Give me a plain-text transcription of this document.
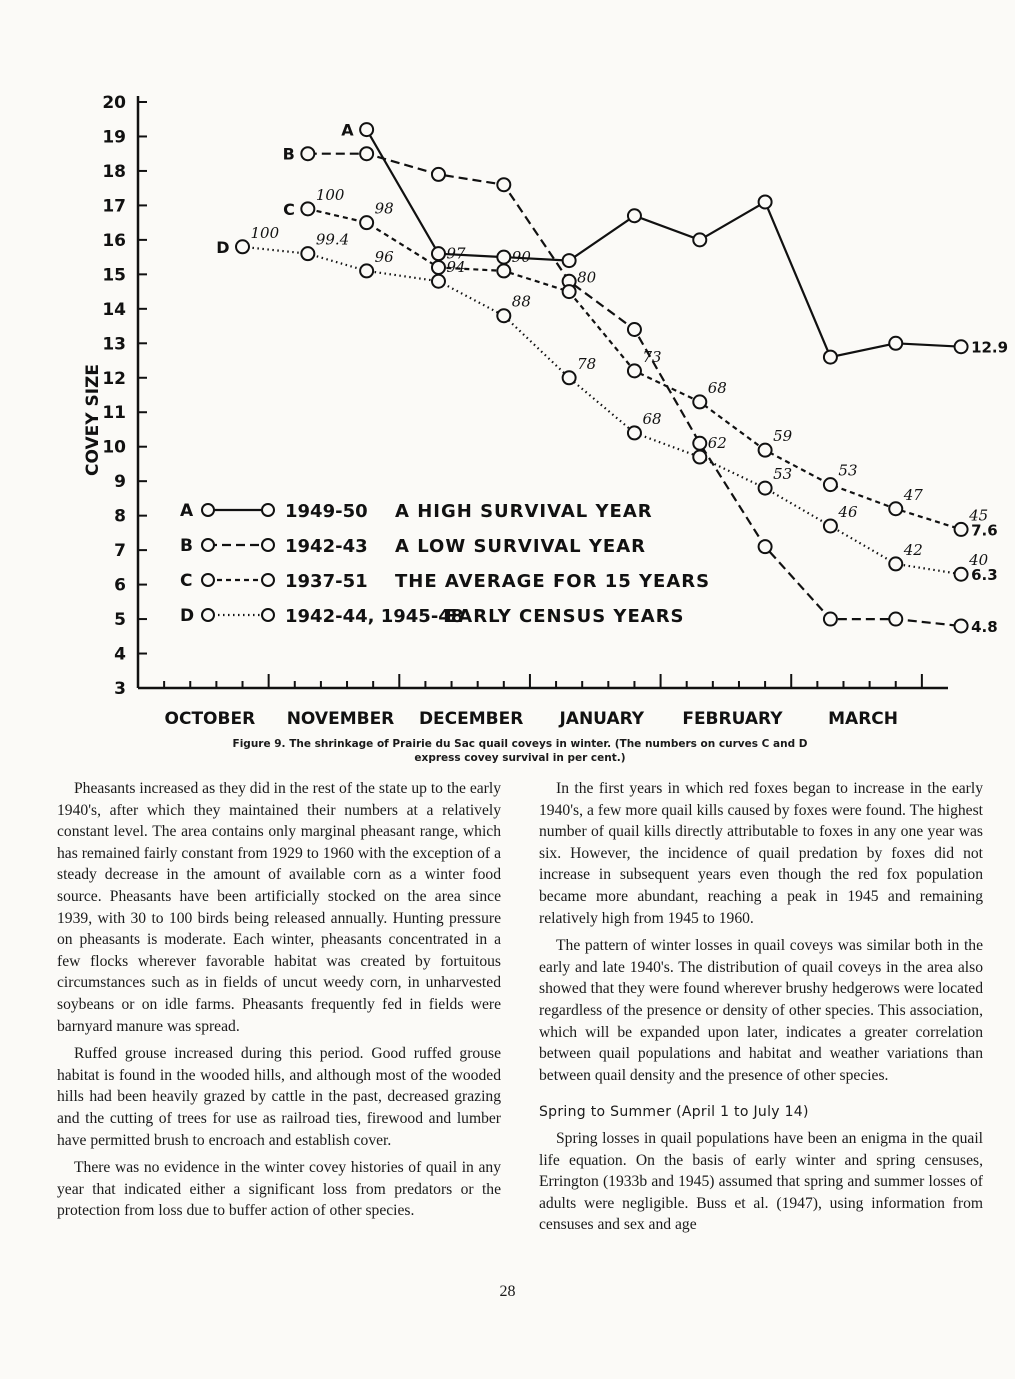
3
4
5
6
7
8
9
10
11
12
13
14
15
16
17
18
19
20
OCTOBER NOVEMBER DECEMBER JANUARY FEBRUARY	MARCH
COVEY SIZE
A
12.9
B
4.8
100
98
97	90
80
73
68
59
53
47
45
C
7.6
100 99.4
96
94
88
78
68
62
53
46
42
40
D
6.3
A	1949-50 A HIGH SURVIVAL YEAR
B	1942-43 A LOW SURVIVAL YEAR
C	1937-51 THE AVERAGE FOR 15 YEARS
D	1942-44, 1945-48
EARLY CENSUS YEARS
Figure 9. The shrinkage of Prairie du Sac quail coveys in winter. (The numbers on curves C and D
express covey survival in per cent.)

Pheasants increased as they did in the rest of the state up to the early 1940's, after which they maintained their numbers at a relatively constant level. The area contains only marginal pheasant range, which has remained fairly constant from 1929 to 1960 with the exception of a steady decrease in the amount of available corn as a winter food source. Pheasants have been artificially stocked on the area since 1939, with 30 to 100 birds being released annually. Hunting pressure on pheasants is moderate. Each winter, pheasants concentrated in a few flocks wherever favorable habitat was created by fortuitous circumstances such as in fields of uncut weedy corn, in unharvested soybeans or on idle farms. Pheasants frequently fed in fields were barnyard manure was spread.

Ruffed grouse increased during this period. Good ruffed grouse habitat is found in the wooded hills, and although most of the wooded hills had been heavily grazed by cattle in the past, decreased grazing and the cutting of trees for use as railroad ties, firewood and lumber have permitted brush to encroach and establish cover.

There was no evidence in the winter covey histories of quail in any year that indicated either a significant loss from predators or the protection from loss due to buffer action of other species.

In the first years in which red foxes began to increase in the early 1940's, a few more quail kills caused by foxes were found. The highest number of quail kills directly attributable to foxes in any one year was six. However, the incidence of quail predation by foxes did not increase in subsequent years even though the red fox population became more abundant, reaching a peak in 1945 and remaining relatively high from 1945 to 1960.

The pattern of winter losses in quail coveys was similar both in the early and late 1940's. The distribution of quail coveys in the area also showed that they were found wherever brushy hedgerows were located regardless of the presence or density of other species. This association, which will be expanded upon later, indicates a greater correlation between quail populations and habitat and weather variations than between quail density and the presence of other species.

Spring to Summer (April 1 to July 14)

Spring losses in quail populations have been an enigma in the quail life equation. On the basis of early winter and spring censuses, Errington (1933b and 1945) assumed that spring and summer losses of adults were negligible. Buss et al. (1947), using information from censuses and sex and age

28
